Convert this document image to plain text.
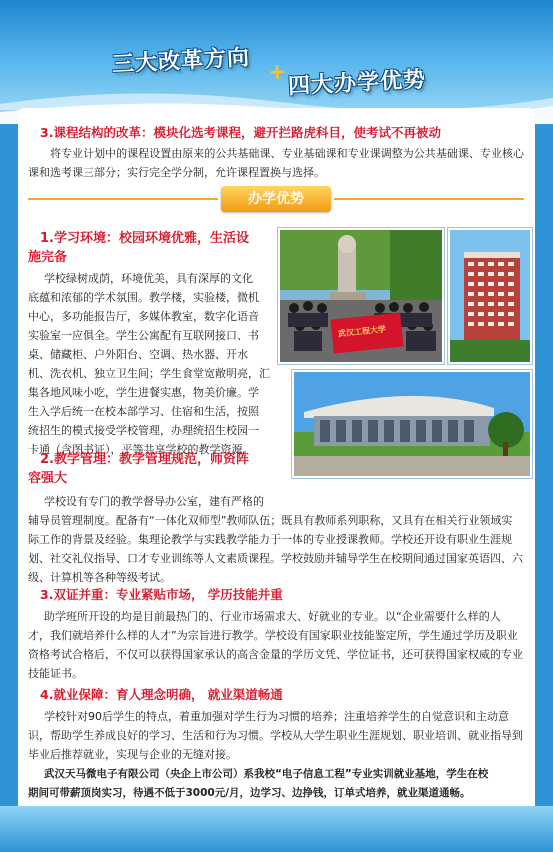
三大改革方向 + 四大办学优势
3.课程结构的改革：模块化选考课程，避开拦路虎科目，使考试不再被动
将专业计划中的课程设置由原来的公共基础课、专业基础课和专业课调整为公共基础课、专业核心课和选考课三部分；实行完全学分制，允许课程置换与选择。
办学优势
1.学习环境：校园环境优雅，生活设
施完备
学校绿树成荫，环境优美，具有深厚的文化
底蕴和浓郁的学术氛围。教学楼，实验楼，微机
中心，多功能报告厅，多媒体教室，数字化语音
实验室一应俱全。学生公寓配有互联网接口、书
桌、储藏柜、户外阳台、空调、热水器、开水
机、洗衣机、独立卫生间；学生食堂宽敞明亮，汇
集各地风味小吃，学生进餐实惠，物美价廉。学
生入学后统一在校本部学习、住宿和生活，按照
统招生的模式接受学校管理，办理统招生校园一
卡通（含图书证），平等共享学校的教学资源。
武汉工程大学
2.教学管理：教学管理规范，师资阵
容强大
学校设有专门的教学督导办公室，建有严格的
辅导员管理制度。配备有“一体化双师型”教师队伍；既具有教师系列职称，又具有在相关行业领域实
际工作的背景及经验。集理论教学与实践教学能力于一体的专业授课教师。学校还开设有职业生涯规
划、社交礼仪指导、口才专业训练等人文素质课程。学校鼓励并辅导学生在校期间通过国家英语四、六
级、计算机等各种等级考试。
3.双证并重：专业紧贴市场， 学历技能并重
助学班所开设的均是目前最热门的、行业市场需求大、好就业的专业。以“企业需要什么样的人
才，我们就培养什么样的人才”为宗旨进行教学。学校设有国家职业技能鉴定所，学生通过学历及职业
资格考试合格后，不仅可以获得国家承认的高含金量的学历文凭、学位证书，还可获得国家权威的专业
技能证书。
4.就业保障：育人理念明确， 就业渠道畅通
学校针对90后学生的特点，着重加强对学生行为习惯的培养；注重培养学生的自觉意识和主动意
识，帮助学生养成良好的学习、生活和行为习惯。学校从大学生职业生涯规划、职业培训、就业指导到
毕业后推荐就业，实现与企业的无缝对接。
武汉天马微电子有限公司（央企上市公司）系我校“电子信息工程”专业实训就业基地，学生在校
期间可带薪顶岗实习，待遇不低于3000元/月，边学习、边挣钱，订单式培养，就业渠道通畅。
